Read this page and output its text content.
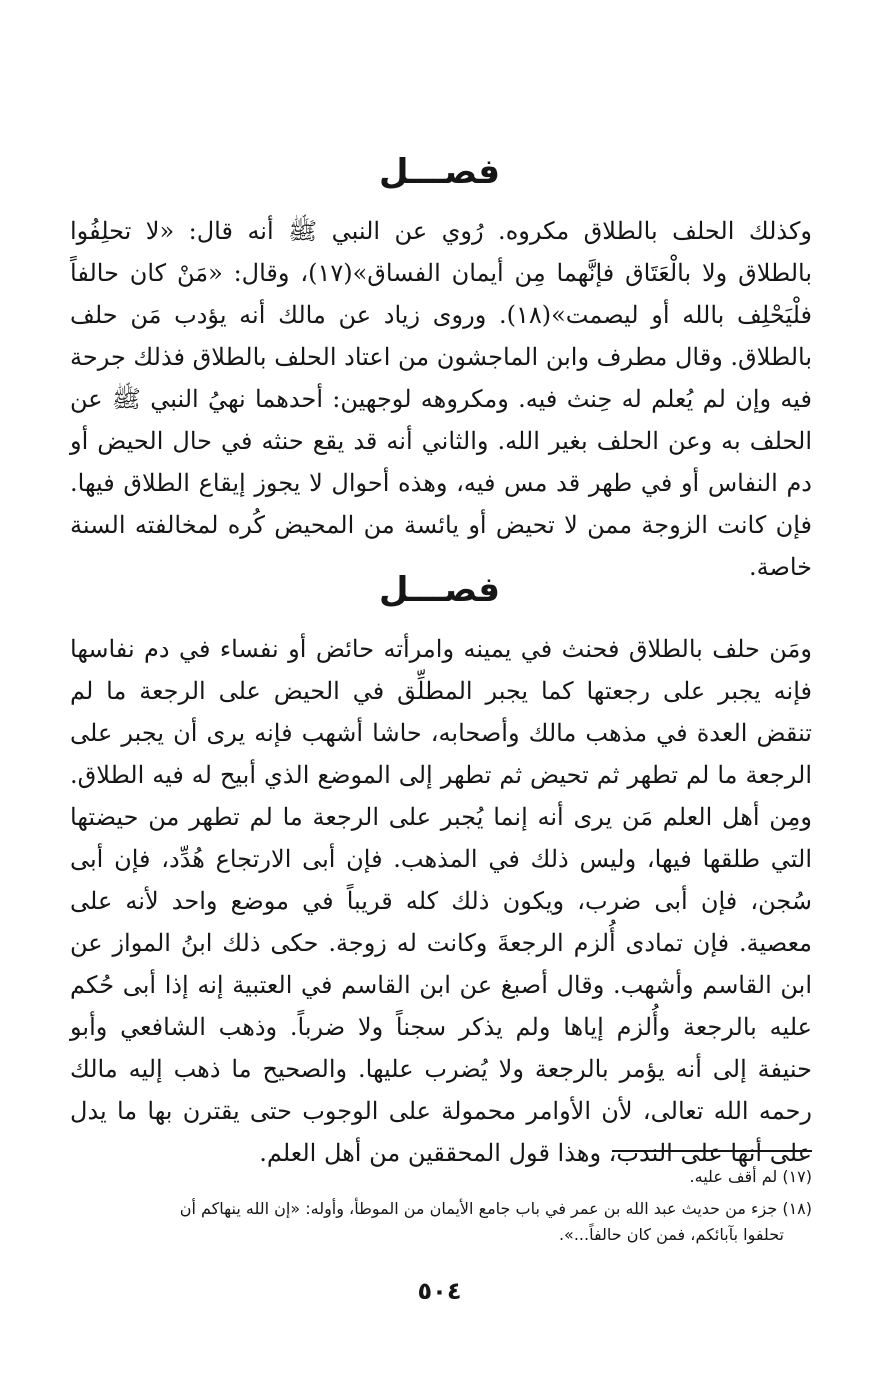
فصـــل

وكذلك الحلف بالطلاق مكروه. رُوي عن النبي ﷺ أنه قال: «لا تحلِفُوا بالطلاق ولا بالْعَتَاق فإنَّهما مِن أيمان الفساق»(١٧)، وقال: «مَنْ كان حالفاً فلْيَحْلِف بالله أو ليصمت»(١٨). وروى زياد عن مالك أنه يؤدب مَن حلف بالطلاق. وقال مطرف وابن الماجشون من اعتاد الحلف بالطلاق فذلك جرحة فيه وإن لم يُعلم له حِنث فيه. ومكروهه لوجهين: أحدهما نهيُ النبي ﷺ عن الحلف به وعن الحلف بغير الله. والثاني أنه قد يقع حنثه في حال الحيض أو دم النفاس أو في طهر قد مس فيه، وهذه أحوال لا يجوز إيقاع الطلاق فيها. فإن كانت الزوجة ممن لا تحيض أو يائسة من المحيض كُره لمخالفته السنة خاصة.

فصـــل

ومَن حلف بالطلاق فحنث في يمينه وامرأته حائض أو نفساء في دم نفاسها فإنه يجبر على رجعتها كما يجبر المطلِّق في الحيض على الرجعة ما لم تنقض العدة في مذهب مالك وأصحابه، حاشا أشهب فإنه يرى أن يجبر على الرجعة ما لم تطهر ثم تحيض ثم تطهر إلى الموضع الذي أبيح له فيه الطلاق. ومِن أهل العلم مَن يرى أنه إنما يُجبر على الرجعة ما لم تطهر من حيضتها التي طلقها فيها، وليس ذلك في المذهب. فإن أبى الارتجاع هُدِّد، فإن أبى سُجن، فإن أبى ضرب، ويكون ذلك كله قريباً في موضع واحد لأنه على معصية. فإن تمادى أُلزم الرجعةَ وكانت له زوجة. حكى ذلك ابنُ المواز عن ابن القاسم وأشهب. وقال أصبغ عن ابن القاسم في العتبية إنه إذا أبى حُكم عليه بالرجعة وأُلزم إياها ولم يذكر سجناً ولا ضرباً. وذهب الشافعي وأبو حنيفة إلى أنه يؤمر بالرجعة ولا يُضرب عليها. والصحيح ما ذهب إليه مالك رحمه الله تعالى، لأن الأوامر محمولة على الوجوب حتى يقترن بها ما يدل على أنها على الندب، وهذا قول المحققين من أهل العلم.

(١٧) لم أقف عليه.

(١٨) جزء من حديث عبد الله بن عمر في باب جامع الأيمان من الموطأ، وأوله: «إن الله ينهاكم أن

تحلفوا بآبائكم، فمن كان حالفاً...».

٥٠٤
